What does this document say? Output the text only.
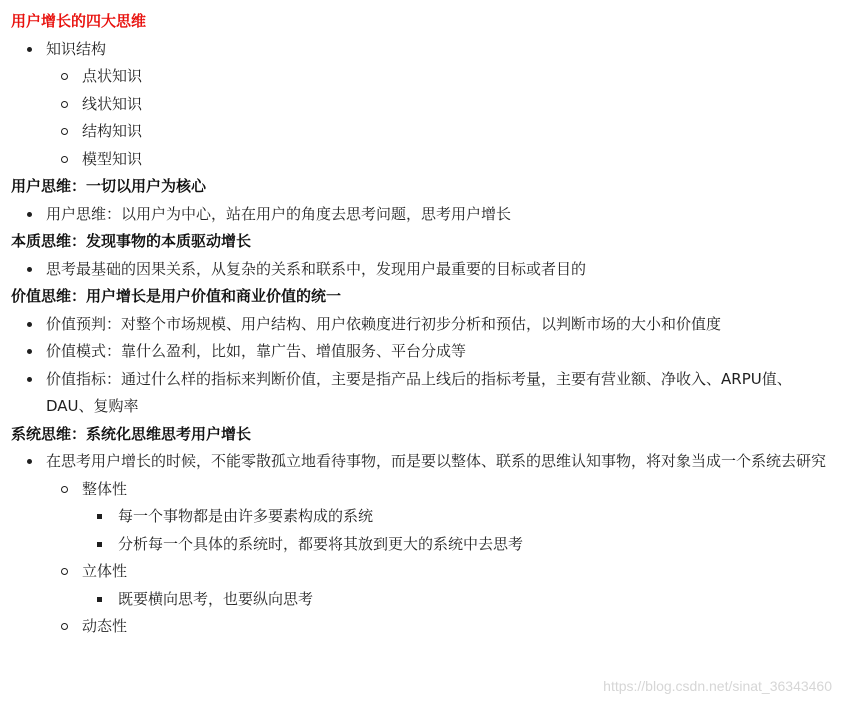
用户增长的四大思维
知识结构
点状知识
线状知识
结构知识
模型知识
用户思维：一切以用户为核心
用户思维：以用户为中心，站在用户的角度去思考问题，思考用户增长
本质思维：发现事物的本质驱动增长
思考最基础的因果关系，从复杂的关系和联系中，发现用户最重要的目标或者目的
价值思维：用户增长是用户价值和商业价值的统一
价值预判：对整个市场规模、用户结构、用户依赖度进行初步分析和预估，以判断市场的大小和价值度
价值模式：靠什么盈利，比如，靠广告、增值服务、平台分成等
价值指标：通过什么样的指标来判断价值，主要是指产品上线后的指标考量，主要有营业额、净收入、ARPU值、DAU、复购率
系统思维：系统化思维思考用户增长
在思考用户增长的时候，不能零散孤立地看待事物，而是要以整体、联系的思维认知事物，将对象当成一个系统去研究
整体性
每一个事物都是由许多要素构成的系统
分析每一个具体的系统时，都要将其放到更大的系统中去思考
立体性
既要横向思考，也要纵向思考
动态性
https://blog.csdn.net/sinat_36343460
